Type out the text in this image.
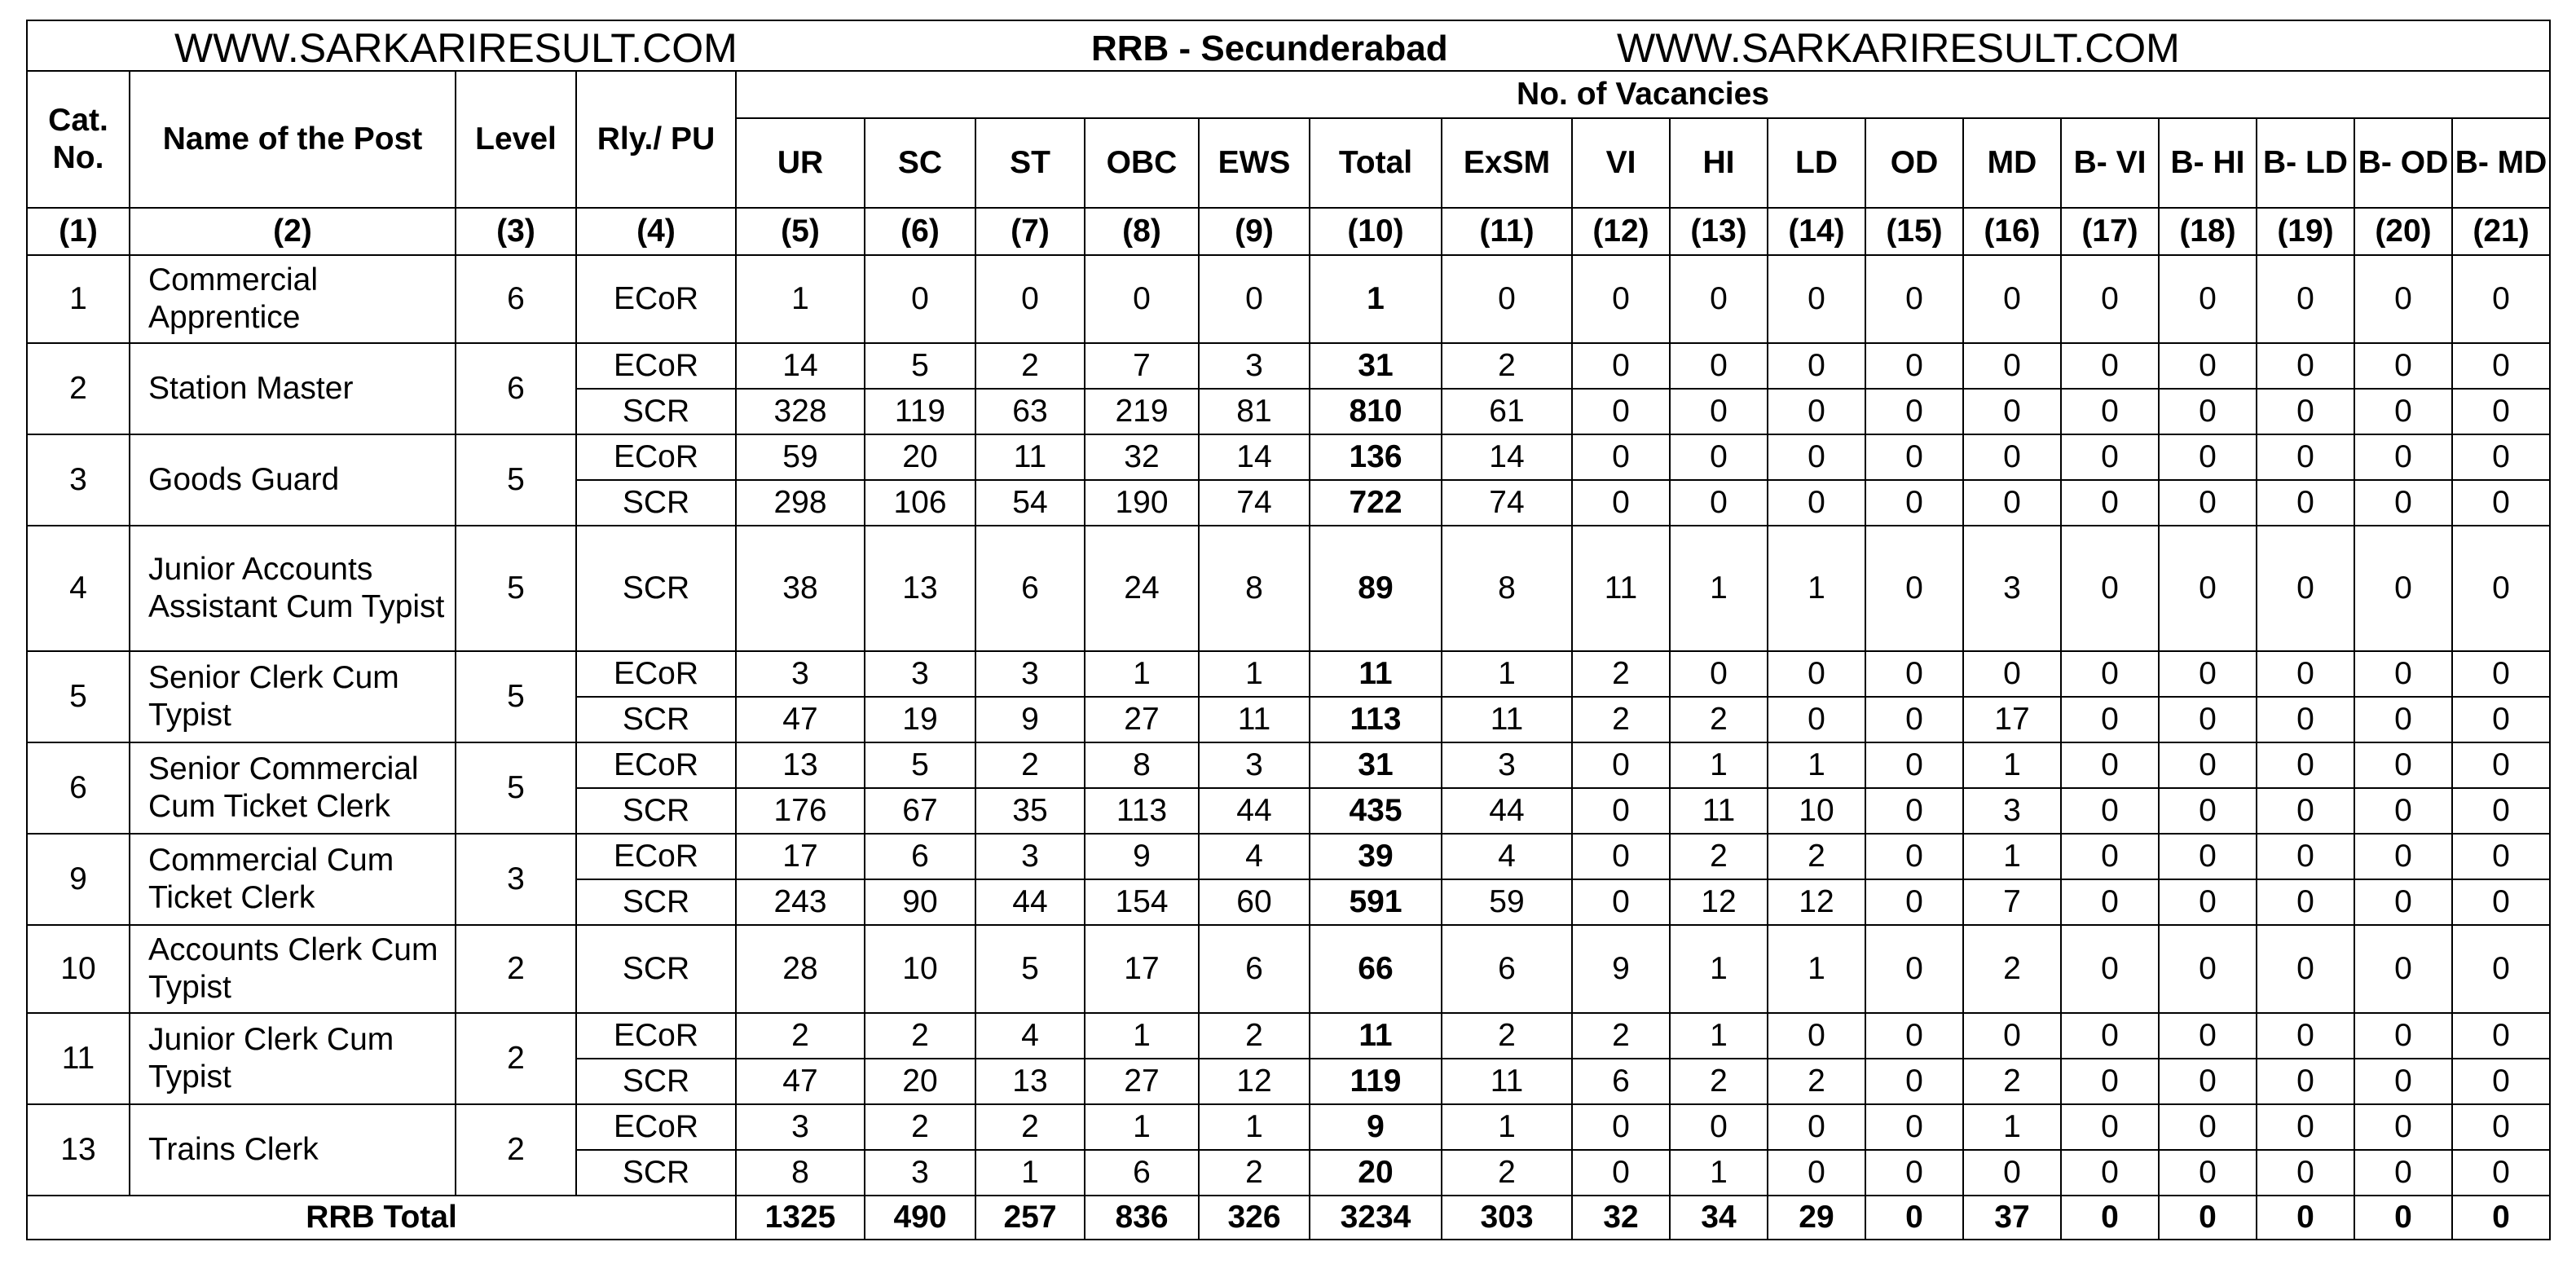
WWW.SARKARIRESULT.COM RRB - Secunderabad WWW.SARKARIRESULT.COM																				

Cat. No.	Name of the Post	Level	Rly./ PU	No. of Vacancies																
				UR	SC	ST	OBC	EWS	Total	ExSM	VI	HI	LD	OD	MD	B- VI	B- HI	B- LD	B- OD	B- MD
(1)	(2)	(3)	(4)	(5)	(6)	(7)	(8)	(9)	(10)	(11)	(12)	(13)	(14)	(15)	(16)	(17)	(18)	(19)	(20)	(21)
1	Commercial Apprentice	6	ECoR	1	0	0	0	0	1	0	0	0	0	0	0	0	0	0	0	0
2	Station Master	6	ECoR	14	5	2	7	3	31	2	0	0	0	0	0	0	0	0	0	0
			SCR	328	119	63	219	81	810	61	0	0	0	0	0	0	0	0	0	0
3	Goods Guard	5	ECoR	59	20	11	32	14	136	14	0	0	0	0	0	0	0	0	0	0
			SCR	298	106	54	190	74	722	74	0	0	0	0	0	0	0	0	0	0
4	Junior Accounts Assistant Cum Typist	5	SCR	38	13	6	24	8	89	8	11	1	1	0	3	0	0	0	0	0
5	Senior Clerk Cum Typist	5	ECoR	3	3	3	1	1	11	1	2	0	0	0	0	0	0	0	0	0
			SCR	47	19	9	27	11	113	11	2	2	0	0	17	0	0	0	0	0
6	Senior Commercial Cum Ticket Clerk	5	ECoR	13	5	2	8	3	31	3	0	1	1	0	1	0	0	0	0	0
			SCR	176	67	35	113	44	435	44	0	11	10	0	3	0	0	0	0	0
9	Commercial Cum Ticket Clerk	3	ECoR	17	6	3	9	4	39	4	0	2	2	0	1	0	0	0	0	0
			SCR	243	90	44	154	60	591	59	0	12	12	0	7	0	0	0	0	0
10	Accounts Clerk Cum Typist	2	SCR	28	10	5	17	6	66	6	9	1	1	0	2	0	0	0	0	0
11	Junior Clerk Cum Typist	2	ECoR	2	2	4	1	2	11	2	2	1	0	0	0	0	0	0	0	0
			SCR	47	20	13	27	12	119	11	6	2	2	0	2	0	0	0	0	0
13	Trains Clerk	2	ECoR	3	2	2	1	1	9	1	0	0	0	0	1	0	0	0	0	0
			SCR	8	3	1	6	2	20	2	0	1	0	0	0	0	0	0	0	0
RRB Total				1325	490	257	836	326	3234	303	32	34	29	0	37	0	0	0	0	0
